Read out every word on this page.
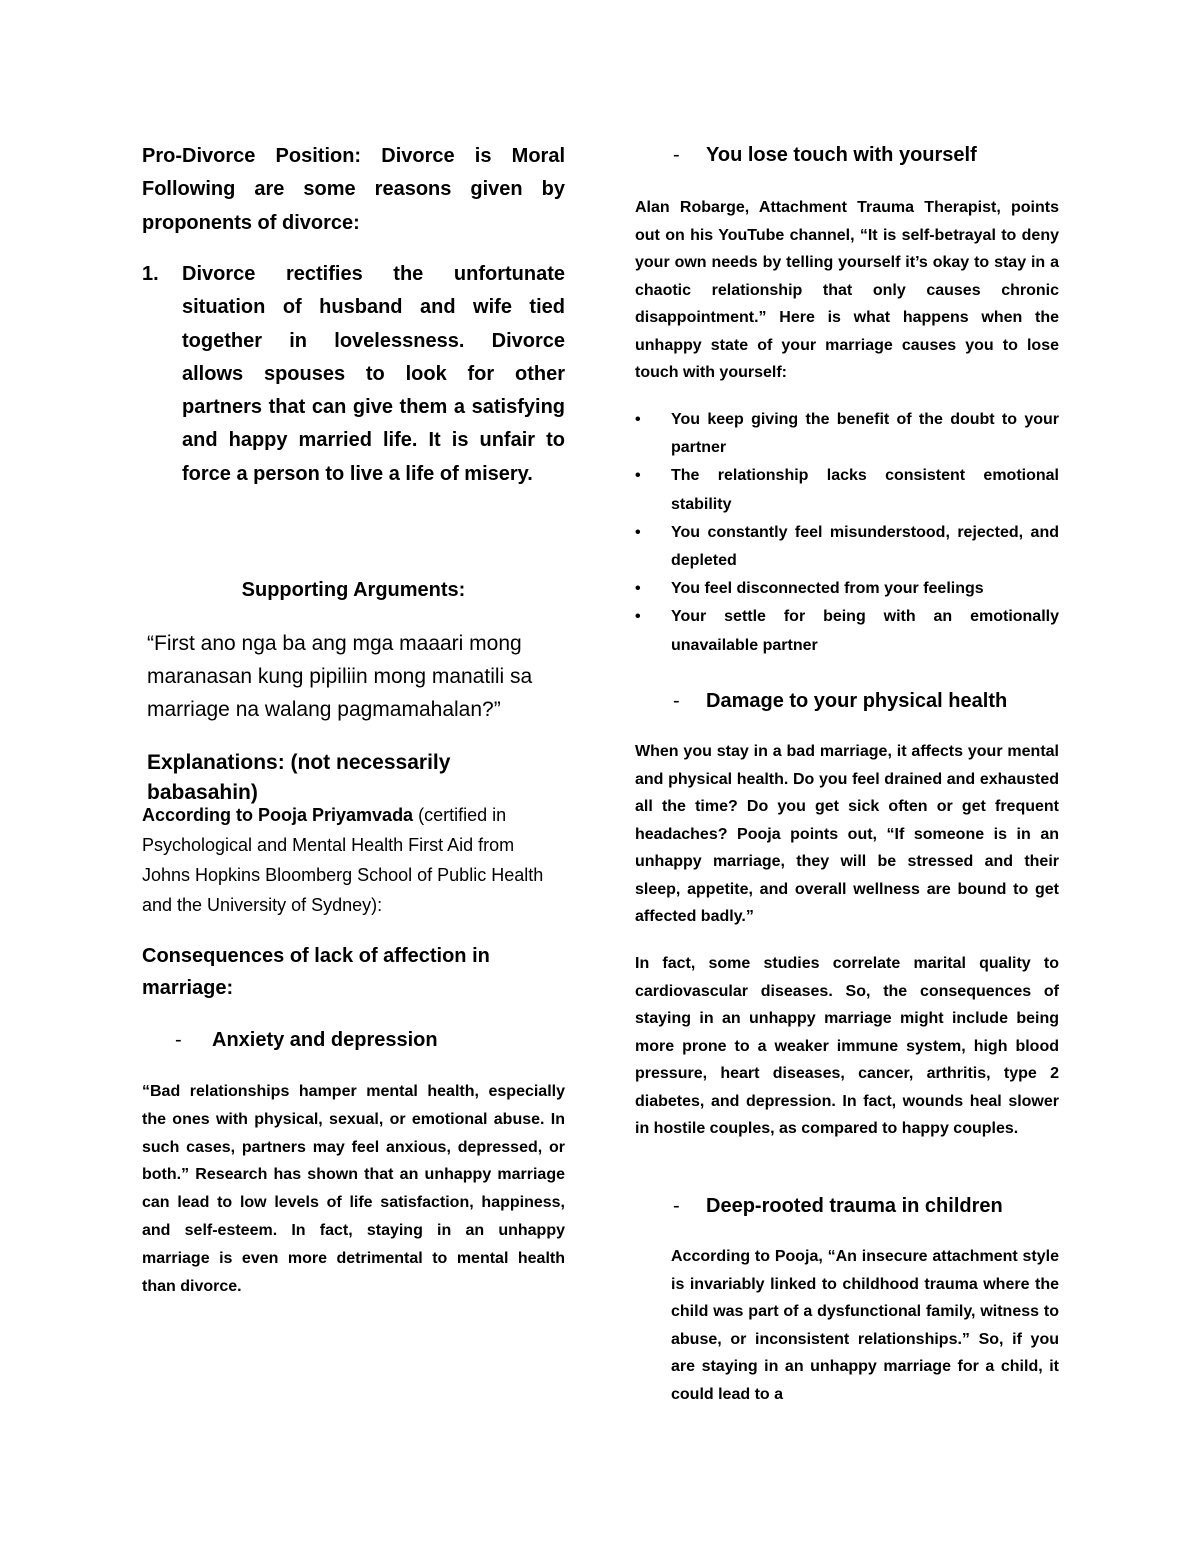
Pro-Divorce Position: Divorce is Moral Following are some reasons given by proponents of divorce:

1. Divorce rectifies the unfortunate situation of husband and wife tied together in lovelessness. Divorce allows spouses to look for other partners that can give them a satisfying and happy married life. It is unfair to force a person to live a life of misery.

Supporting Arguments:

“First ano nga ba ang mga maaari mong maranasan kung pipiliin mong manatili sa marriage na walang pagmamahalan?”

Explanations: (not necessarily babasahin)

According to Pooja Priyamvada (certified in Psychological and Mental Health First Aid from Johns Hopkins Bloomberg School of Public Health and the University of Sydney):

Consequences of lack of affection in marriage:

- Anxiety and depression

“Bad relationships hamper mental health, especially the ones with physical, sexual, or emotional abuse. In such cases, partners may feel anxious, depressed, or both.” Research has shown that an unhappy marriage can lead to low levels of life satisfaction, happiness, and self-esteem. In fact, staying in an unhappy marriage is even more detrimental to mental health than divorce.

- You lose touch with yourself

Alan Robarge, Attachment Trauma Therapist, points out on his YouTube channel, “It is self-betrayal to deny your own needs by telling yourself it’s okay to stay in a chaotic relationship that only causes chronic disappointment.” Here is what happens when the unhappy state of your marriage causes you to lose touch with yourself:

• You keep giving the benefit of the doubt to your partner
• The relationship lacks consistent emotional stability
• You constantly feel misunderstood, rejected, and depleted
• You feel disconnected from your feelings
• Your settle for being with an emotionally unavailable partner

- Damage to your physical health

When you stay in a bad marriage, it affects your mental and physical health. Do you feel drained and exhausted all the time? Do you get sick often or get frequent headaches? Pooja points out, “If someone is in an unhappy marriage, they will be stressed and their sleep, appetite, and overall wellness are bound to get affected badly.”

In fact, some studies correlate marital quality to cardiovascular diseases. So, the consequences of staying in an unhappy marriage might include being more prone to a weaker immune system, high blood pressure, heart diseases, cancer, arthritis, type 2 diabetes, and depression. In fact, wounds heal slower in hostile couples, as compared to happy couples.

- Deep-rooted trauma in children

According to Pooja, “An insecure attachment style is invariably linked to childhood trauma where the child was part of a dysfunctional family, witness to abuse, or inconsistent relationships.” So, if you are staying in an unhappy marriage for a child, it could lead to a
